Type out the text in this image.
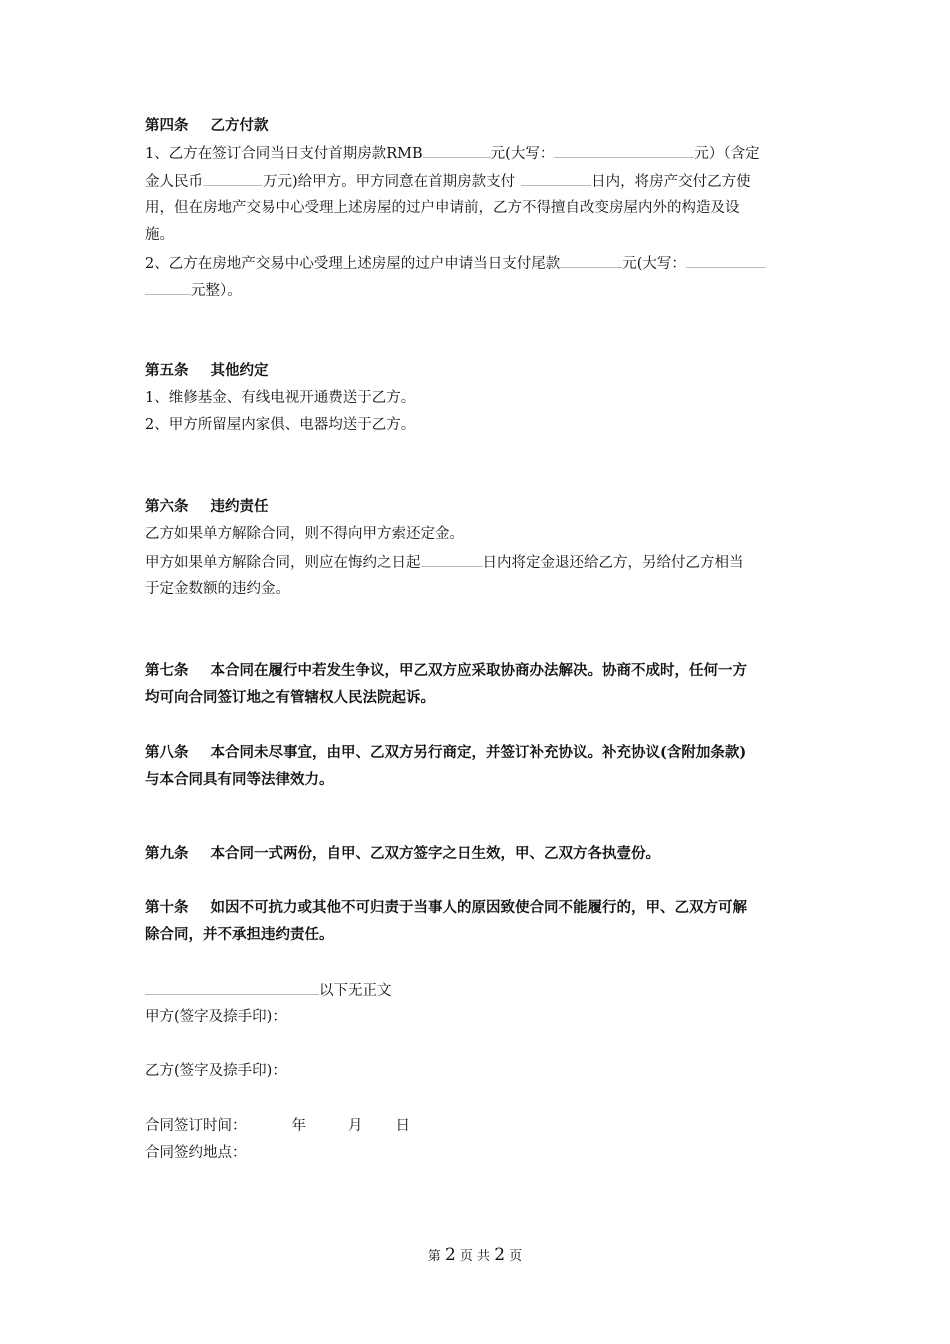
第四条 乙方付款
1、乙方在签订合同当日支付首期房款RMB	元(大写：	元）（含定
金人民币	万元)给甲方。甲方同意在首期房款支付	日内，将房产交付乙方使
用，但在房地产交易中心受理上述房屋的过户申请前，乙方不得擅自改变房屋内外的构造及设
施。
2、乙方在房地产交易中心受理上述房屋的过户申请当日支付尾款	元(大写：
元整）。
第五条 其他约定
1、维修基金、有线电视开通费送于乙方。
2、甲方所留屋内家俱、电器均送于乙方。
第六条 违约责任
乙方如果单方解除合同，则不得向甲方索还定金。
甲方如果单方解除合同，则应在悔约之日起	日内将定金退还给乙方，另给付乙方相当
于定金数额的违约金。
第七条 本合同在履行中若发生争议，甲乙双方应采取协商办法解决。协商不成时，任何一方
均可向合同签订地之有管辖权人民法院起诉。
第八条 本合同未尽事宜，由甲、乙双方另行商定，并签订补充协议。补充协议(含附加条款)
与本合同具有同等法律效力。
第九条 本合同一式两份，自甲、乙双方签字之日生效，甲、乙双方各执壹份。
第十条 如因不可抗力或其他不可归责于当事人的原因致使合同不能履行的，甲、乙双方可解
除合同，并不承担违约责任。
以下无正文
甲方(签字及捺手印)：
乙方(签字及捺手印)：
合同签订时间：	年	月 日
合同签约地点：
第 2 页 共 2 页
